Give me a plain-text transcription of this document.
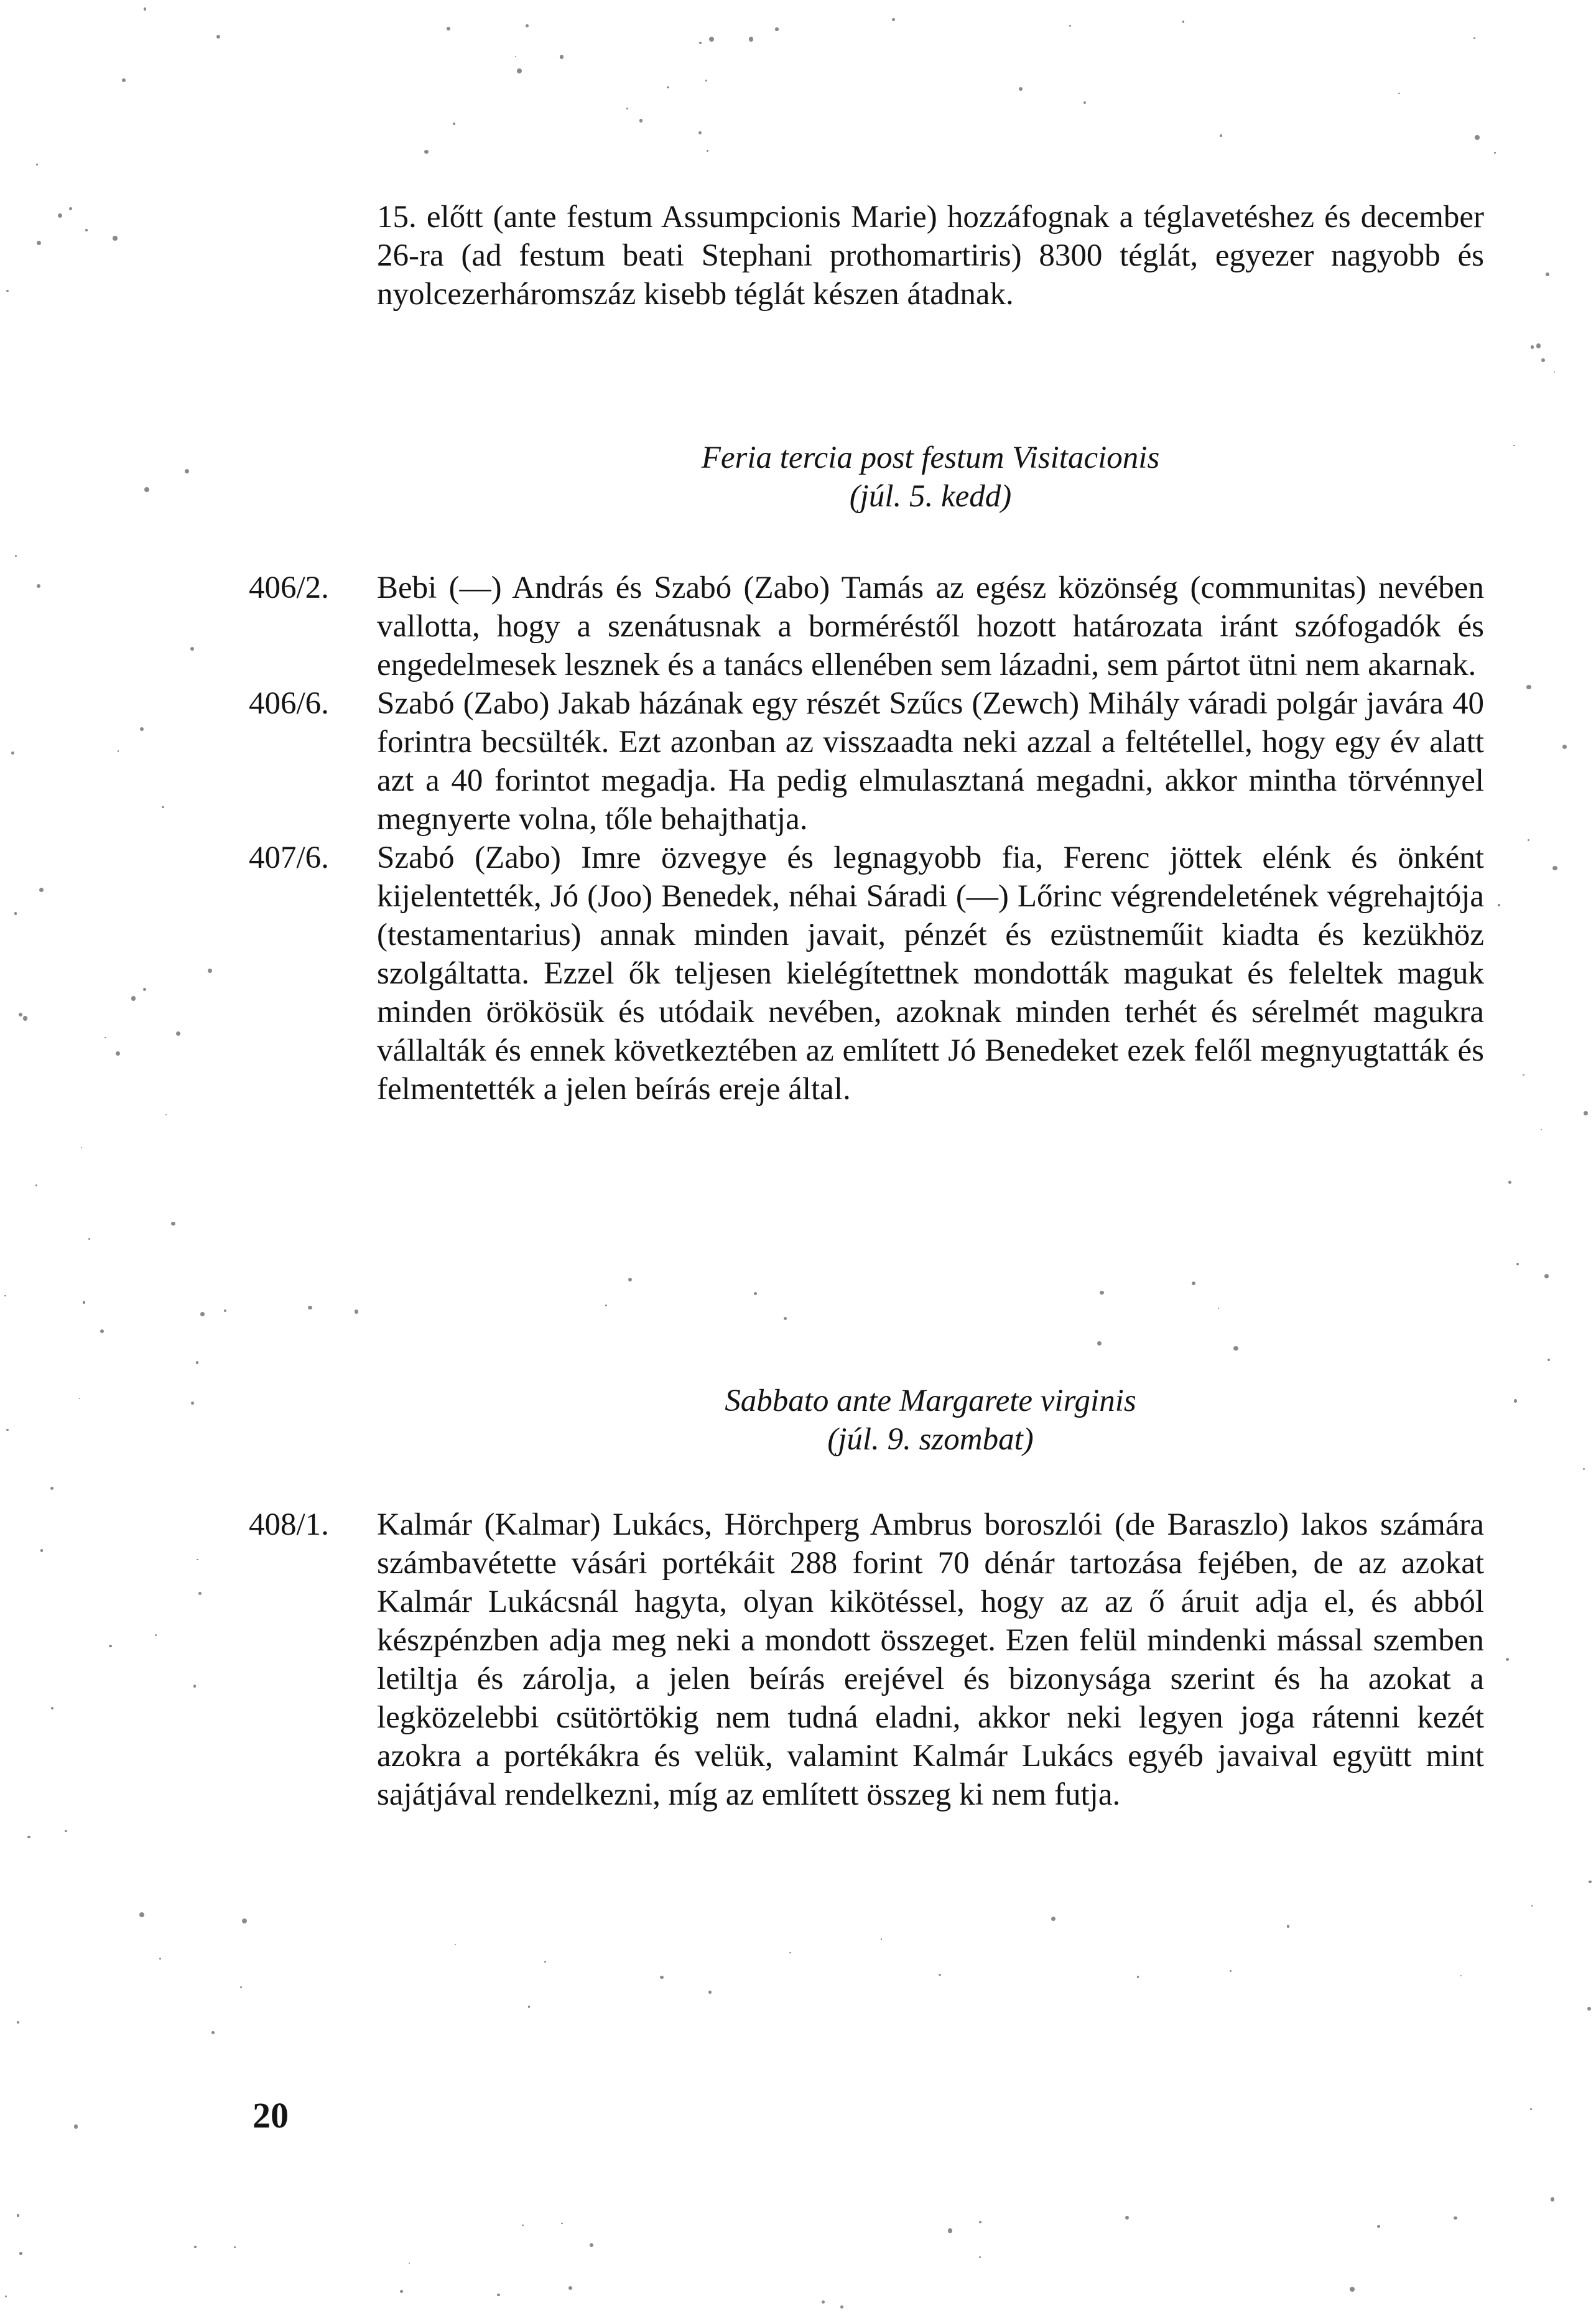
15. előtt (ante festum Assumpcionis Marie) hozzáfognak a téglavetéshez és december 26-ra (ad festum beati Stephani prothomartiris) 8300 téglát, egyezer nagyobb és nyolcezerháromszáz kisebb téglát készen átadnak.

Feria tercia post festum Visitacionis
(júl. 5. kedd)
406/2.	Bebi (—) András és Szabó (Zabo) Tamás az egész közönség (communitas) nevében vallotta, hogy a szenátusnak a borméréstől hozott határozata iránt szófogadók és engedelmesek lesznek és a tanács ellenében sem lázadni, sem pártot ütni nem akarnak.
406/6.	Szabó (Zabo) Jakab házának egy részét Szűcs (Zewch) Mihály váradi polgár javára 40 forintra becsülték. Ezt azonban az visszaadta neki azzal a feltétellel, hogy egy év alatt azt a 40 forintot megadja. Ha pedig elmulasztaná megadni, akkor mintha törvénnyel megnyerte volna, tőle behajthatja.
407/6.	Szabó (Zabo) Imre özvegye és legnagyobb fia, Ferenc jöttek elénk és önként kijelentették, Jó (Joo) Benedek, néhai Sáradi (—) Lőrinc végrendeletének végrehajtója (testamentarius) annak minden javait, pénzét és ezüstneműit kiadta és kezükhöz szolgáltatta. Ezzel ők teljesen kielégítettnek mondották magukat és feleltek maguk minden örökösük és utódaik nevében, azoknak minden terhét és sérelmét magukra vállalták és ennek következtében az említett Jó Benedeket ezek felől megnyugtatták és felmentették a jelen beírás ereje által.
Sabbato ante Margarete virginis
(júl. 9. szombat)
408/1.	Kalmár (Kalmar) Lukács, Hörchperg Ambrus boroszlói (de Baraszlo) lakos számára számbavétette vásári portékáit 288 forint 70 dénár tartozása fejében, de az azokat Kalmár Lukácsnál hagyta, olyan kikötéssel, hogy az az ő áruit adja el, és abból készpénzben adja meg neki a mondott összeget. Ezen felül mindenki mással szemben letiltja és zárolja, a jelen beírás erejével és bizonysága szerint és ha azokat a legközelebbi csütörtökig nem tudná eladni, akkor neki legyen joga rátenni kezét azokra a portékákra és velük, valamint Kalmár Lukács egyéb javaival együtt mint sajátjával rendelkezni, míg az említett összeg ki nem futja.
20
